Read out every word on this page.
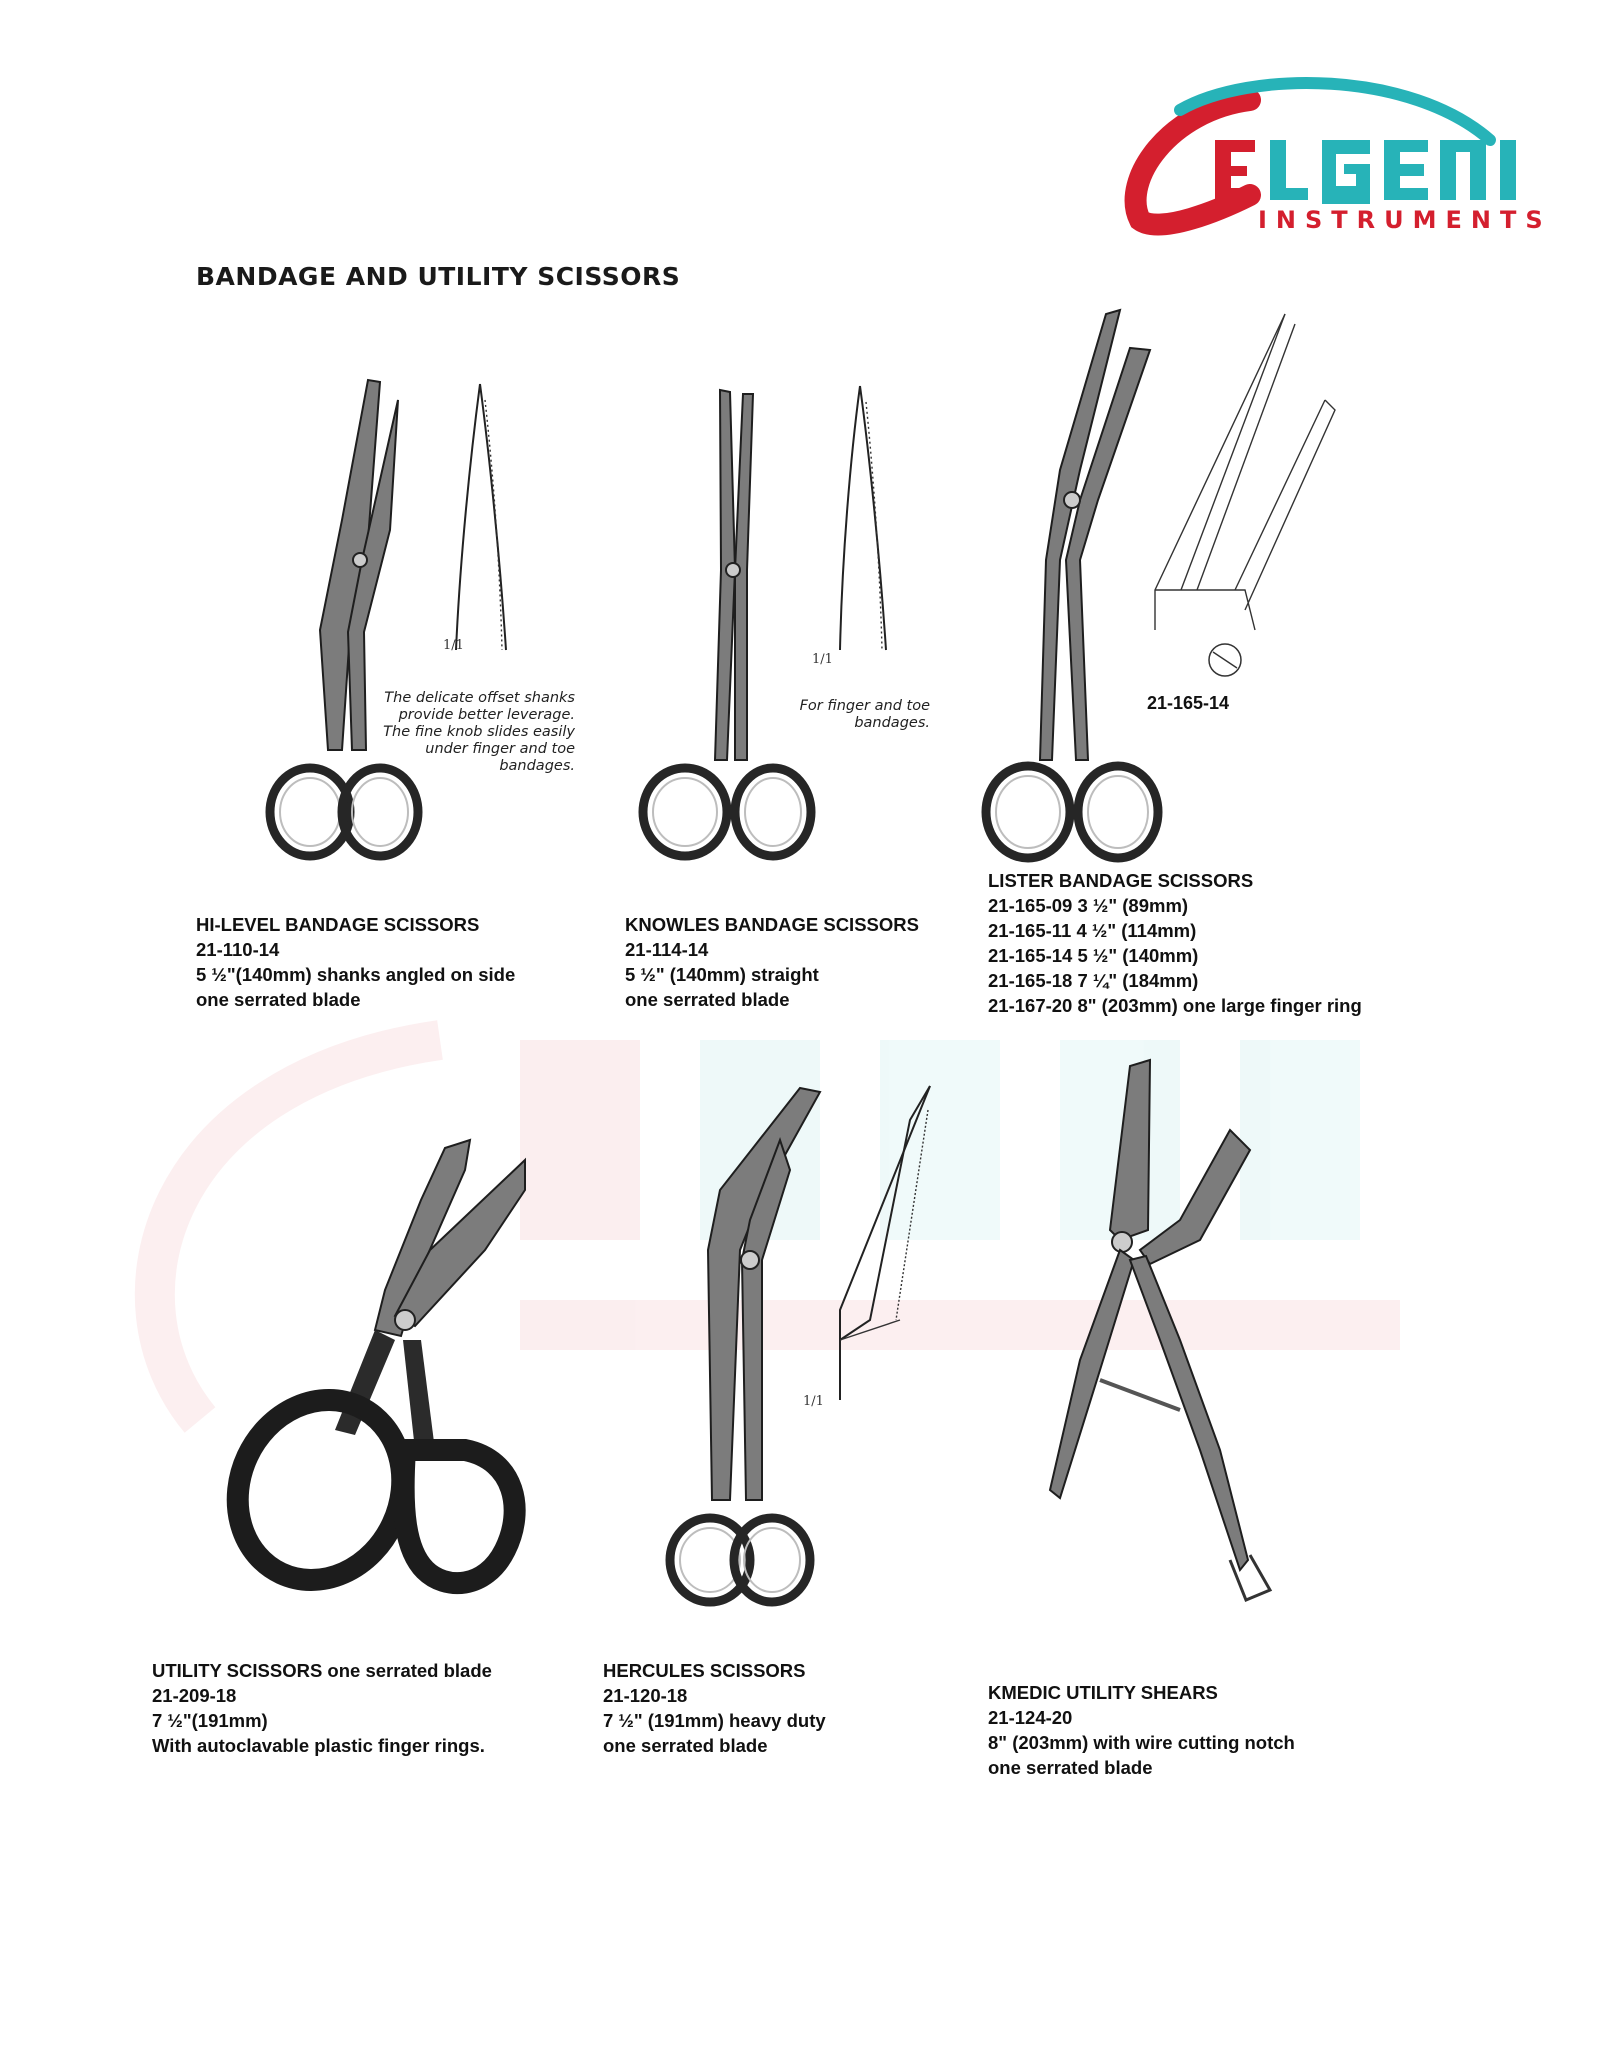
INSTRUMENTS
BANDAGE AND UTILITY SCISSORS
1/1
The delicate offset shanks
provide better leverage.
The fine knob slides easily
under finger and toe
bandages.
1/1
For finger and toe
bandages.
21-165-14
HI-LEVEL BANDAGE SCISSORS
21-110-14
5 ½"(140mm) shanks angled on side
one serrated blade
KNOWLES BANDAGE SCISSORS
21-114-14
5 ½" (140mm) straight
one serrated blade
LISTER BANDAGE SCISSORS
21-165-09 3 ½" (89mm)
21-165-11 4 ½" (114mm)
21-165-14 5 ½" (140mm)
21-165-18 7 ¼" (184mm)
21-167-20 8" (203mm) one large finger ring
1/1
UTILITY SCISSORS one serrated blade
21-209-18
7 ½"(191mm)
With autoclavable plastic finger rings.
HERCULES SCISSORS
21-120-18
7 ½" (191mm) heavy duty
one serrated blade
KMEDIC UTILITY SHEARS
21-124-20
8" (203mm) with wire cutting notch
one serrated blade
